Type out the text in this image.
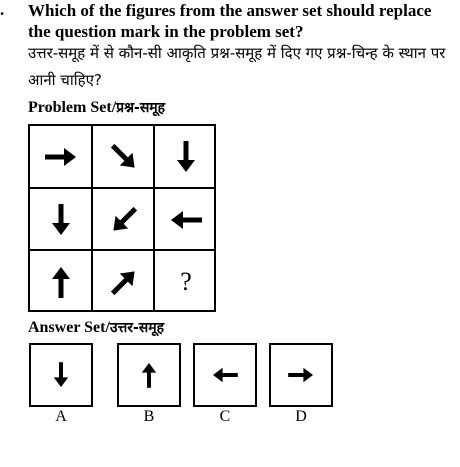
. Which of the figures from the answer set should replace the question mark in the problem set?
उत्तर-समूह में से कौन-सी आकृति प्रश्न-समूह में दिए गए प्रश्न-चिन्ह के स्थान पर आनी चाहिए?
Problem Set/प्रश्न-समूह
?
Answer Set/उत्तर-समूह
A	B	C	D
